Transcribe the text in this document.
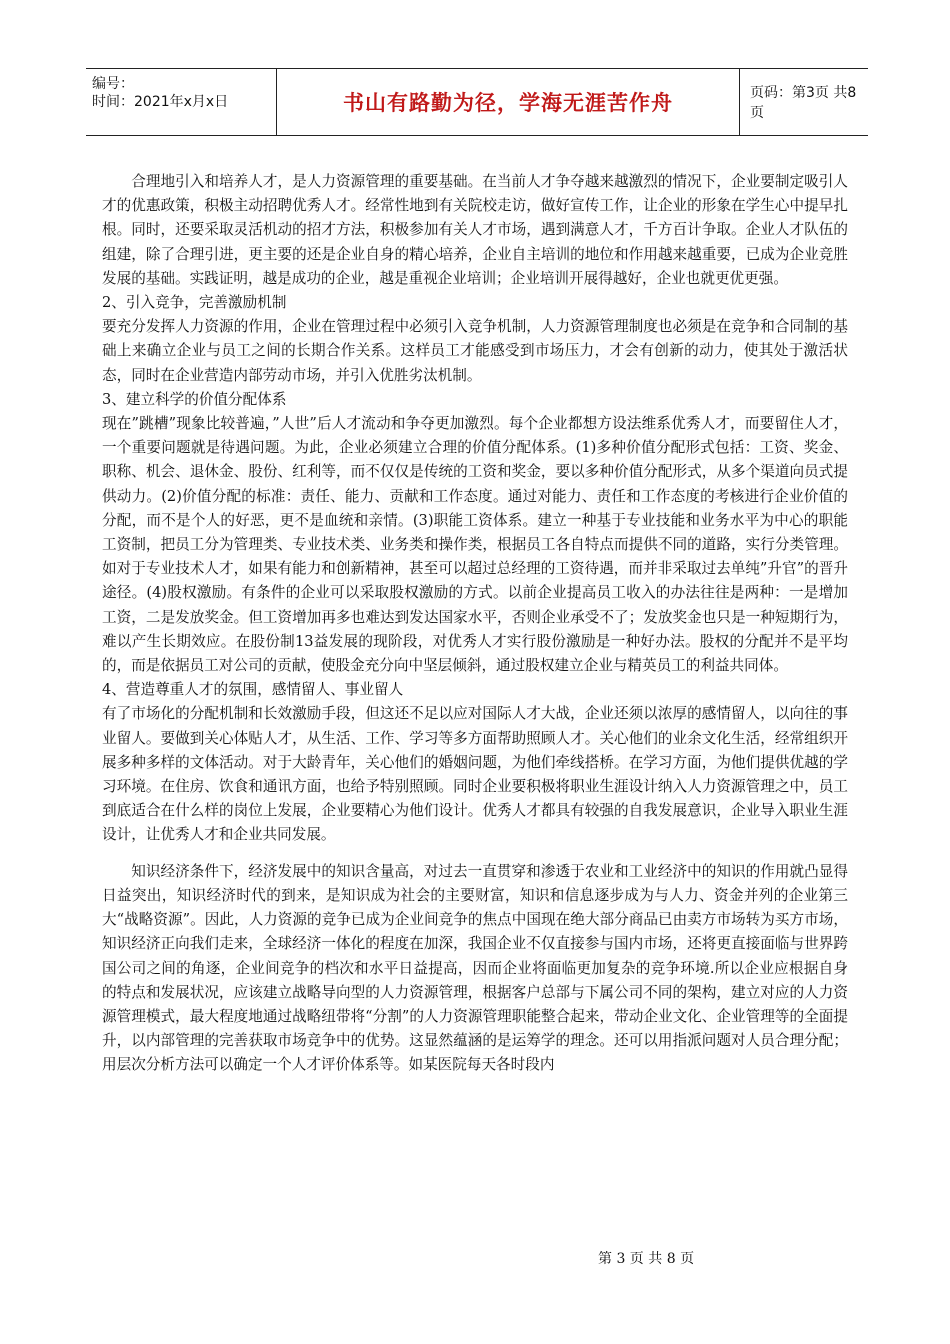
编号：
时间：2021年x月x日	书山有路勤为径，学海无涯苦作舟	页码：第3页 共8页

合理地引入和培养人才，是人力资源管理的重要基础。在当前人才争夺越来越激烈的情况下，企业要制定吸引人才的优惠政策，积极主动招聘优秀人才。经常性地到有关院校走访，做好宣传工作，让企业的形象在学生心中提早扎根。同时，还要采取灵活机动的招才方法，积极参加有关人才市场，遇到满意人才，千方百计争取。企业人才队伍的组建，除了合理引进，更主要的还是企业自身的精心培养，企业自主培训的地位和作用越来越重要，已成为企业竞胜发展的基础。实践证明，越是成功的企业，越是重视企业培训；企业培训开展得越好，企业也就更优更强。

2、引入竞争，完善激励机制

要充分发挥人力资源的作用，企业在管理过程中必须引入竞争机制，人力资源管理制度也必须是在竞争和合同制的基础上来确立企业与员工之间的长期合作关系。这样员工才能感受到市场压力，才会有创新的动力，使其处于激活状态，同时在企业营造内部劳动市场，并引入优胜劣汰机制。

3、建立科学的价值分配体系

现在”跳槽”现象比较普遍，”人世”后人才流动和争夺更加激烈。每个企业都想方设法维系优秀人才，而要留住人才，一个重要问题就是待遇问题。为此，企业必须建立合理的价值分配体系。(1)多种价值分配形式包括：工资、奖金、职称、机会、退休金、股份、红利等，而不仅仅是传统的工资和奖金，要以多种价值分配形式，从多个渠道向员式提供动力。(2)价值分配的标准：责任、能力、贡献和工作态度。通过对能力、责任和工作态度的考核进行企业价值的分配，而不是个人的好恶，更不是血统和亲情。(3)职能工资体系。建立一种基于专业技能和业务水平为中心的职能工资制，把员工分为管理类、专业技术类、业务类和操作类，根据员工各自特点而提供不同的道路，实行分类管理。如对于专业技术人才，如果有能力和创新精神，甚至可以超过总经理的工资待遇，而并非采取过去单纯”升官”的晋升途径。(4)股权激励。有条件的企业可以采取股权激励的方式。以前企业提高员工收入的办法往往是两种：一是增加工资，二是发放奖金。但工资增加再多也难达到发达国家水平，否则企业承受不了；发放奖金也只是一种短期行为，难以产生长期效应。在股份制13益发展的现阶段，对优秀人才实行股份激励是一种好办法。股权的分配并不是平均的，而是依据员工对公司的贡献，使股金充分向中坚层倾斜，通过股权建立企业与精英员工的利益共同体。

4、营造尊重人才的氛围，感情留人、事业留人

有了市场化的分配机制和长效激励手段，但这还不足以应对国际人才大战，企业还须以浓厚的感情留人，以向往的事业留人。要做到关心体贴人才，从生活、工作、学习等多方面帮助照顾人才。关心他们的业余文化生活，经常组织开展多种多样的文体活动。对于大龄青年，关心他们的婚姻问题，为他们牵线搭桥。在学习方面，为他们提供优越的学习环境。在住房、饮食和通讯方面，也给予特别照顾。同时企业要积极将职业生涯设计纳入人力资源管理之中，员工到底适合在什么样的岗位上发展，企业要精心为他们设计。优秀人才都具有较强的自我发展意识，企业导入职业生涯设计，让优秀人才和企业共同发展。

知识经济条件下，经济发展中的知识含量高，对过去一直贯穿和渗透于农业和工业经济中的知识的作用就凸显得日益突出，知识经济时代的到来，是知识成为社会的主要财富，知识和信息逐步成为与人力、资金并列的企业第三大“战略资源”。因此，人力资源的竞争已成为企业间竞争的焦点中国现在绝大部分商品已由卖方市场转为买方市场，知识经济正向我们走来，全球经济一体化的程度在加深，我国企业不仅直接参与国内市场，还将更直接面临与世界跨国公司之间的角逐，企业间竞争的档次和水平日益提高，因而企业将面临更加复杂的竞争环境.所以企业应根据自身的特点和发展状况，应该建立战略导向型的人力资源管理，根据客户总部与下属公司不同的架构，建立对应的人力资源管理模式，最大程度地通过战略纽带将“分割”的人力资源管理职能整合起来，带动企业文化、企业管理等的全面提升，以内部管理的完善获取市场竞争中的优势。这显然蕴涵的是运筹学的理念。还可以用指派问题对人员合理分配；用层次分析方法可以确定一个人才评价体系等。如某医院每天各时段内

第 3 页 共 8 页
